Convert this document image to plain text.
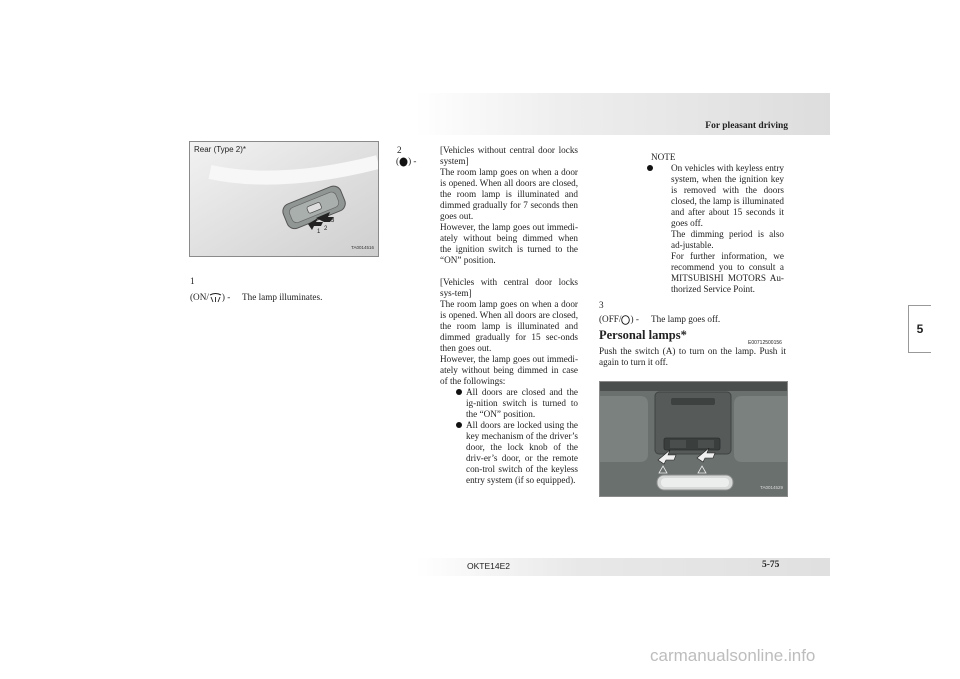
For pleasant driving
Rear (Type 2)*
1 2
3
TA0014516
1
(ON/ ) - The lamp illuminates.
2
( ) -

[Vehicles without central door locks system]

The room lamp goes on when a door is opened. When all doors are closed, the room lamp is illuminated and dimmed gradually for 7 seconds then goes out.

However, the lamp goes out immedi-ately without being dimmed when the ignition switch is turned to the “ON” position.

[Vehicles with central door locks sys-tem]

The room lamp goes on when a door is opened. When all doors are closed, the room lamp is illuminated and dimmed gradually for 15 sec-onds then goes out.

However, the lamp goes out immedi-ately without being dimmed in case of the followings:

All doors are closed and the ig-nition switch is turned to the “ON” position.

All doors are locked using the key mechanism of the driver’s door, the lock knob of the driv-er’s door, or the remote con-trol switch of the keyless entry system (if so equipped).

NOTE

On vehicles with keyless entry system, when the ignition key is removed with the doors closed, the lamp is illuminated and after about 15 seconds it goes off.

The dimming period is also ad-justable.

For further information, we recommend you to consult a MITSUBISHI MOTORS Au-thorized Service Point.

3
(OFF/ ) - The lamp goes off.
Personal lamps*
E00712500156
Push the switch (A) to turn on the lamp. Push it again to turn it off.
TA0014529
5
OKTE14E2	5-75
carmanualsonline.info
